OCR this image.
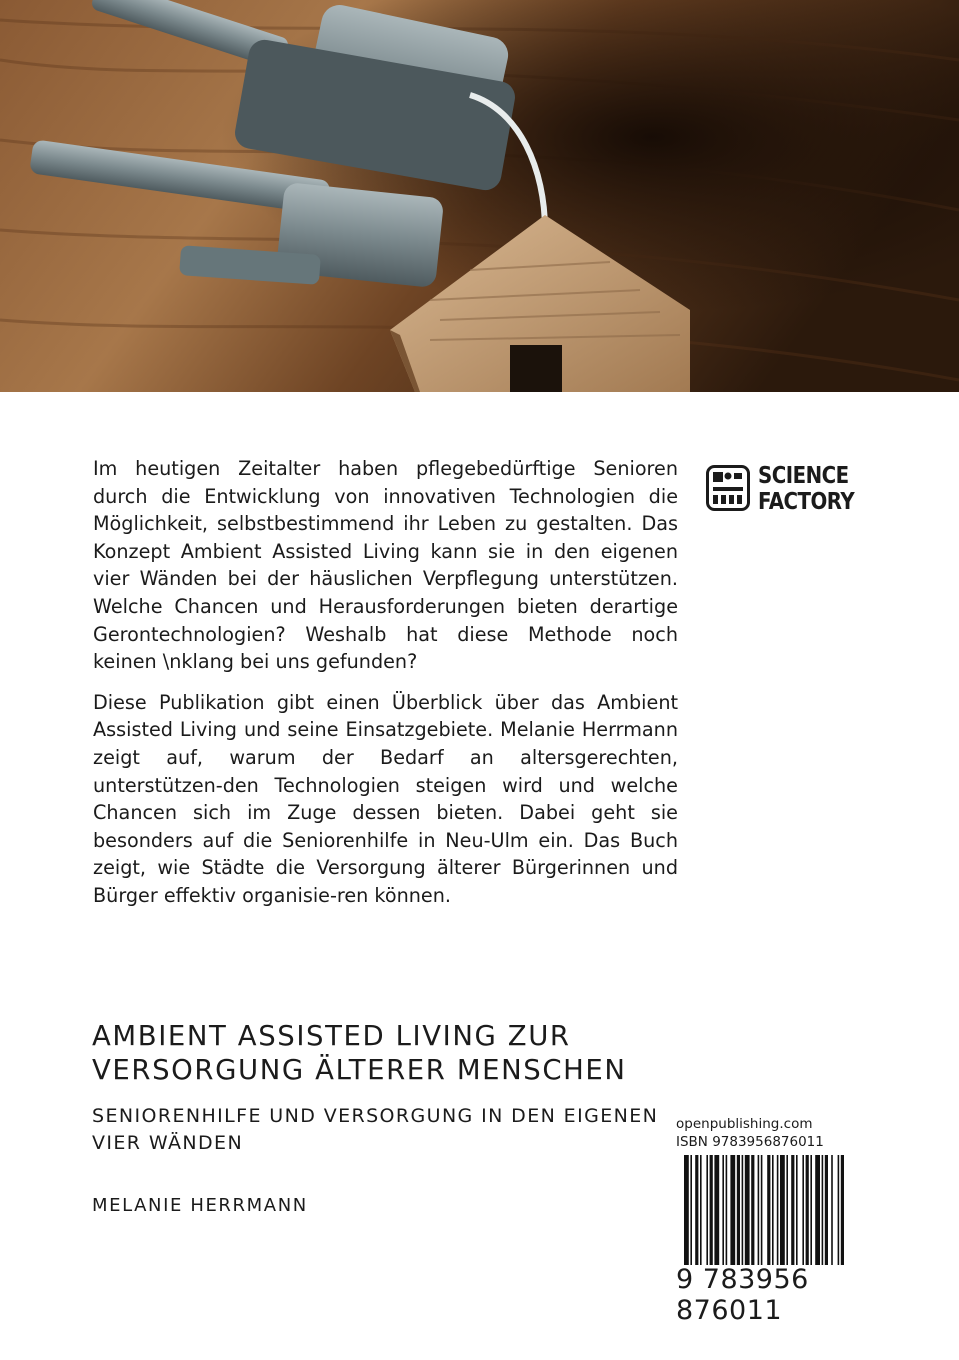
Im heutigen Zeitalter haben pflegebedürftige Senioren durch die Entwicklung von innovativen Technologien die Möglichkeit, selbstbestimmend ihr Leben zu gestalten. Das Konzept Ambient Assisted Living kann sie in den eigenen vier Wänden bei der häuslichen Verpflegung unterstützen. Welche Chancen und Herausforderungen bieten derartige Gerontechnologien? Weshalb hat diese Methode noch keinen \nklang bei uns gefunden?

Diese Publikation gibt einen Überblick über das Ambient Assisted Living und seine Einsatzgebiete. Melanie Herrmann zeigt auf, warum der Bedarf an altersgerechten, unterstützen-den Technologien steigen wird und welche Chancen sich im Zuge dessen bieten. Dabei geht sie besonders auf die Seniorenhilfe in Neu-Ulm ein. Das Buch zeigt, wie Städte die Versorgung älterer Bürgerinnen und Bürger effektiv organisie-ren können.

SCIENCE
FACTORY
AMBIENT ASSISTED LIVING ZUR
VERSORGUNG ÄLTERER MENSCHEN
SENIORENHILFE UND VERSORGUNG IN DEN EIGENEN
VIER WÄNDEN
MELANIE HERRMANN
openpublishing.com
ISBN 9783956876011
9 783956 876011
